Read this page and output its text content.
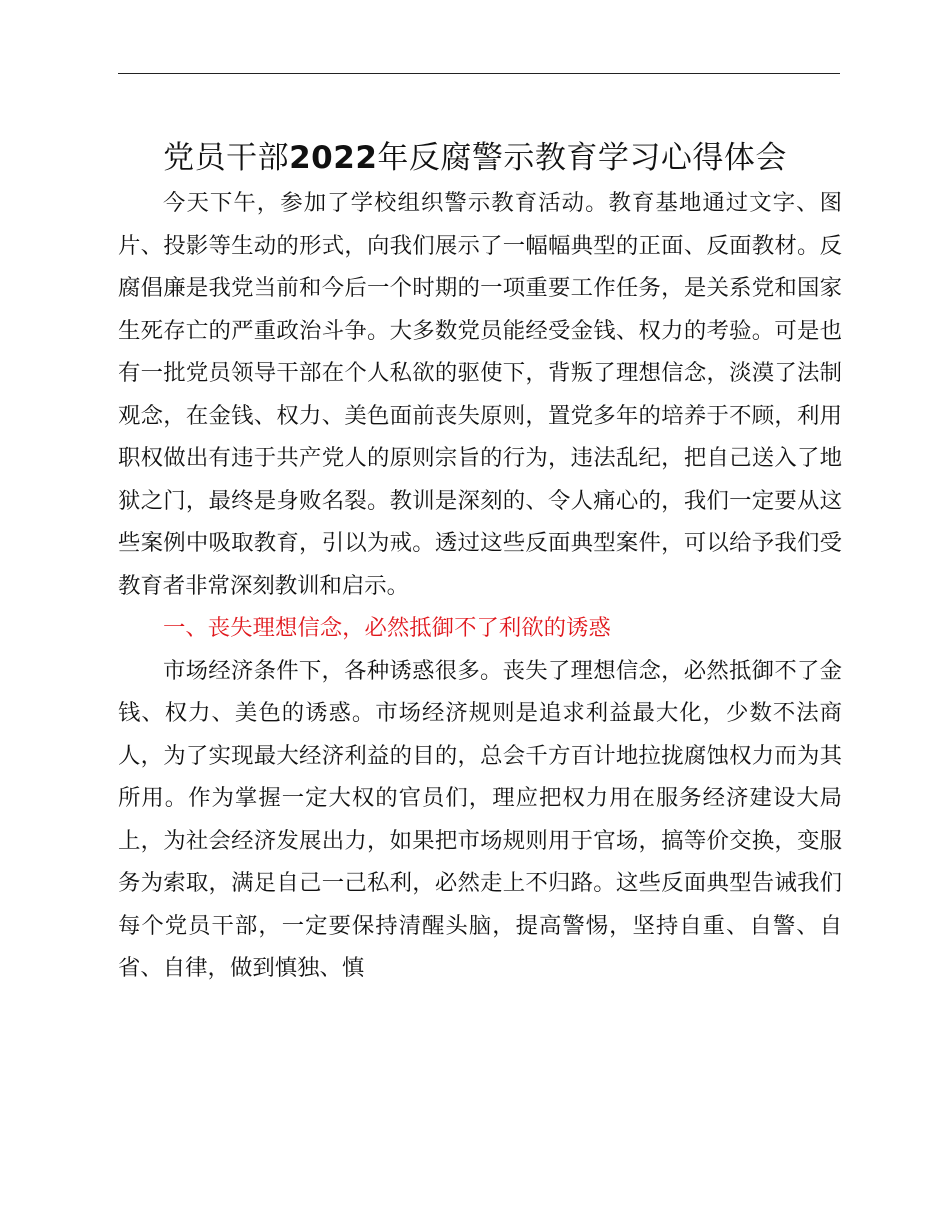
党员干部2022年反腐警示教育学习心得体会

今天下午，参加了学校组织警示教育活动。教育基地通过文字、图片、投影等生动的形式，向我们展示了一幅幅典型的正面、反面教材。反腐倡廉是我党当前和今后一个时期的一项重要工作任务，是关系党和国家生死存亡的严重政治斗争。大多数党员能经受金钱、权力的考验。可是也有一批党员领导干部在个人私欲的驱使下，背叛了理想信念，淡漠了法制观念，在金钱、权力、美色面前丧失原则，置党多年的培养于不顾，利用职权做出有违于共产党人的原则宗旨的行为，违法乱纪，把自己送入了地狱之门，最终是身败名裂。教训是深刻的、令人痛心的，我们一定要从这些案例中吸取教育，引以为戒。透过这些反面典型案件，可以给予我们受教育者非常深刻教训和启示。

一、丧失理想信念，必然抵御不了利欲的诱惑

市场经济条件下，各种诱惑很多。丧失了理想信念，必然抵御不了金钱、权力、美色的诱惑。市场经济规则是追求利益最大化，少数不法商人，为了实现最大经济利益的目的，总会千方百计地拉拢腐蚀权力而为其所用。作为掌握一定大权的官员们，理应把权力用在服务经济建设大局上，为社会经济发展出力，如果把市场规则用于官场，搞等价交换，变服务为索取，满足自己一己私利，必然走上不归路。这些反面典型告诫我们每个党员干部，一定要保持清醒头脑，提高警惕，坚持自重、自警、自省、自律，做到慎独、慎
